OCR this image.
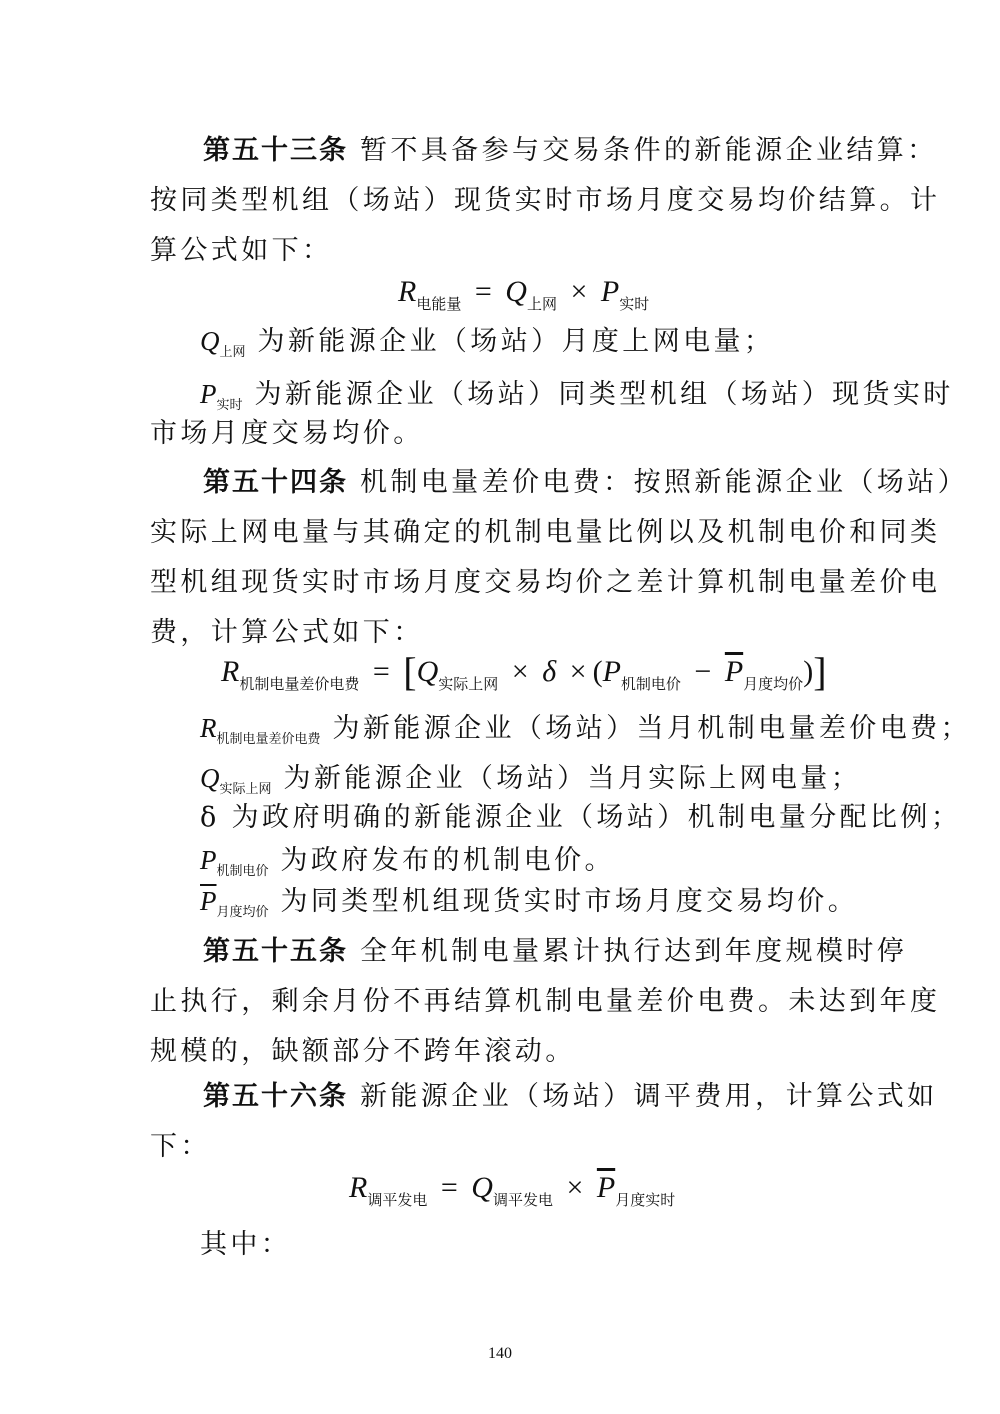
第五十三条 暂不具备参与交易条件的新能源企业结算：
按同类型机组（场站）现货实时市场月度交易均价结算。计
算公式如下：
$R_{电能量} = Q_{上网} \times P_{实时}$
$Q_{上网}$ 为新能源企业（场站）月度上网电量；
$P_{实时}$ 为新能源企业（场站）同类型机组（场站）现货实时
市场月度交易均价。
第五十四条 机制电量差价电费：按照新能源企业（场站）
实际上网电量与其确定的机制电量比例以及机制电价和同类
型机组现货实时市场月度交易均价之差计算机制电量差价电
费，计算公式如下：
$R_{机制电量差价电费} = [Q_{实际上网} \times \delta \times (P_{机制电价} - \overline{P}_{月度均价})]$
$R_{机制电量差价电费}$ 为新能源企业（场站）当月机制电量差价电费；
$Q_{实际上网}$ 为新能源企业（场站）当月实际上网电量；
δ 为政府明确的新能源企业（场站）机制电量分配比例；
$P_{机制电价}$ 为政府发布的机制电价。
$\overline{P}_{月度均价}$ 为同类型机组现货实时市场月度交易均价。
第五十五条 全年机制电量累计执行达到年度规模时停
止执行，剩余月份不再结算机制电量差价电费。未达到年度
规模的，缺额部分不跨年滚动。
第五十六条 新能源企业（场站）调平费用，计算公式如
下：
$R_{调平发电} = Q_{调平发电} \times \overline{P}_{月度实时}$
其中：
140
